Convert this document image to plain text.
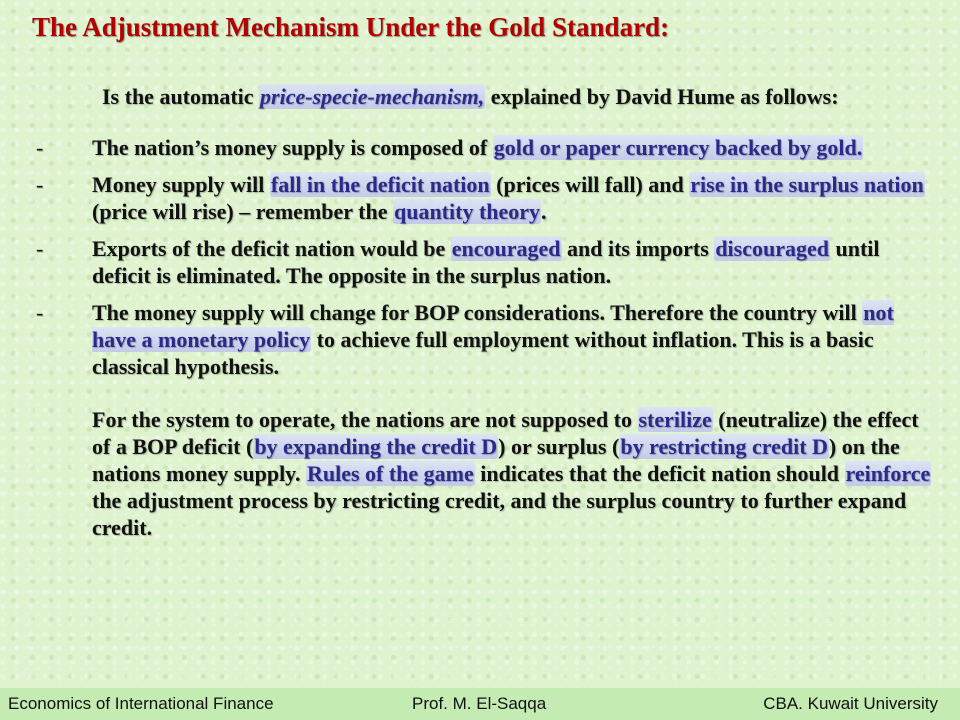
The Adjustment Mechanism Under the Gold Standard:
Is the automatic price-specie-mechanism, explained by David Hume as follows:
-	The nation’s money supply is composed of gold or paper currency backed by gold.
-	Money supply will fall in the deficit nation (prices will fall) and rise in the surplus nation (price will rise) – remember the quantity theory.
-	Exports of the deficit nation would be encouraged and its imports discouraged until deficit is eliminated. The opposite in the surplus nation.
-	The money supply will change for BOP considerations. Therefore the country will not have a monetary policy to achieve full employment without inflation. This is a basic classical hypothesis.
For the system to operate, the nations are not supposed to sterilize (neutralize) the effect of a BOP deficit (by expanding the credit D) or surplus (by restricting credit D) on the nations money supply. Rules of the game indicates that the deficit nation should reinforce the adjustment process by restricting credit, and the surplus country to further expand credit.
Economics of International Finance	Prof. M. El-Saqqa	CBA. Kuwait University
